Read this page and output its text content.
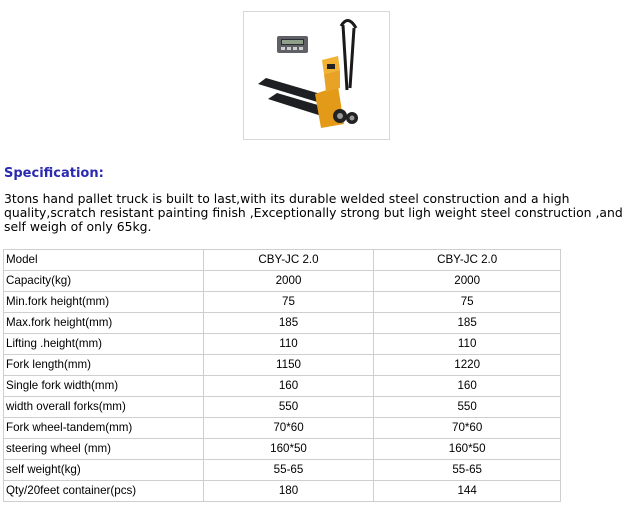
Specification:

3tons hand pallet truck is built to last,with its durable welded steel construction and a high quality,scratch resistant painting finish ,Exceptionally strong but ligh weight steel construction ,and self weigh of only 65kg.

Model	CBY-JC 2.0	CBY-JC 2.0
Capacity(kg)	2000	2000
Min.fork height(mm)	75	75
Max.fork height(mm)	185	185
Lifting .height(mm)	110	110
Fork length(mm)	1150	1220
Single fork width(mm)	160	160
width overall forks(mm)	550	550
Fork wheel-tandem(mm)	70*60	70*60
steering wheel (mm)	160*50	160*50
self weight(kg)	55-65	55-65
Qty/20feet container(pcs)	180	144
